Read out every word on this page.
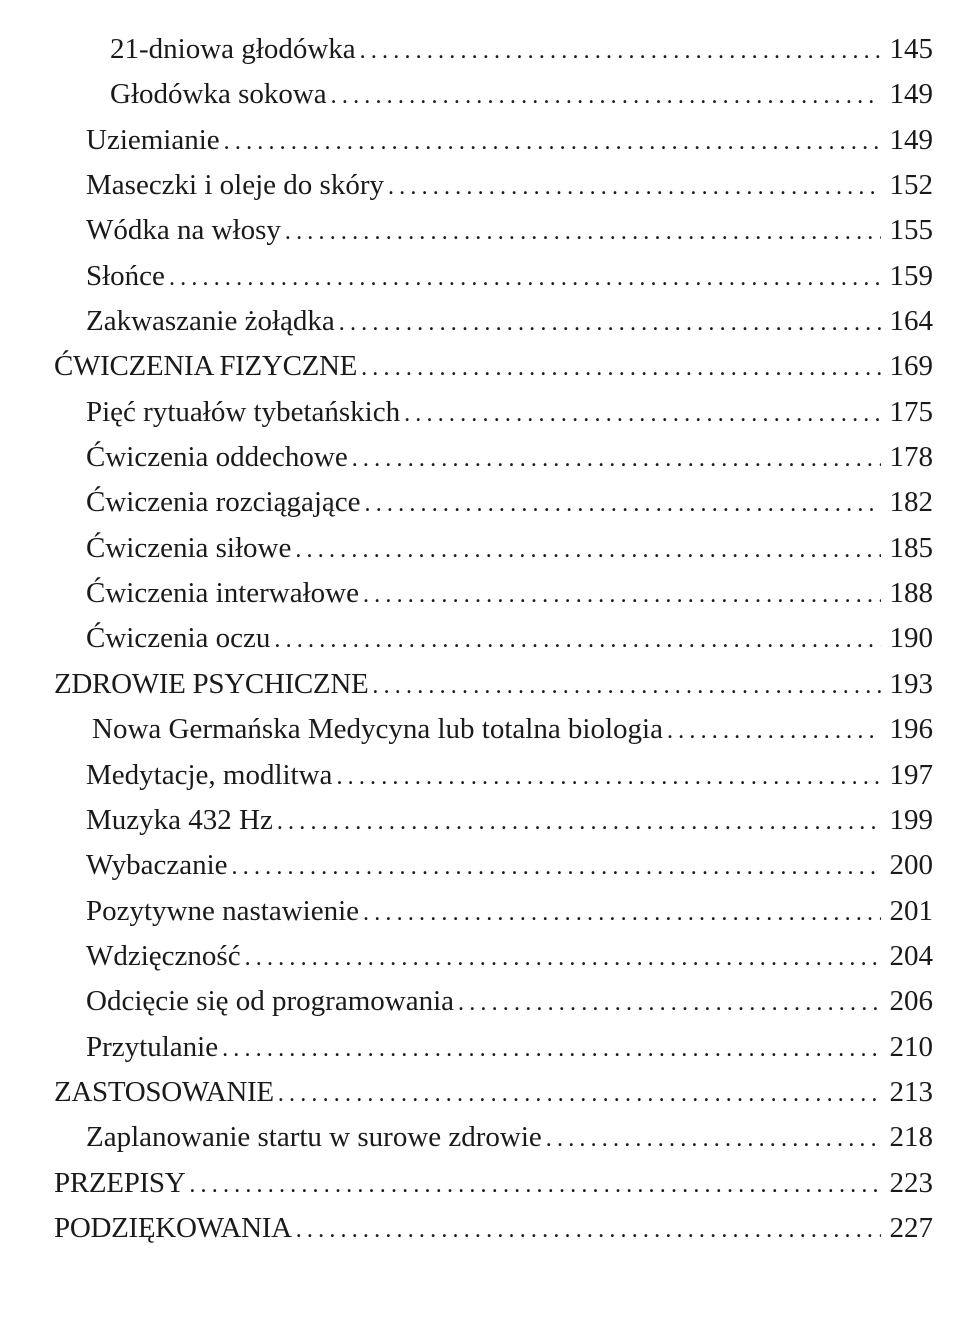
21-dniowa głodówka .....	145
Głodówka sokowa .....	149
Uziemianie .....	149
Maseczki i oleje do skóry .....	152
Wódka na włosy .....	155
Słońce .....	159
Zakwaszanie żołądka .....	164
ĆWICZENIA FIZYCZNE .....	169
Pięć rytuałów tybetańskich .....	175
Ćwiczenia oddechowe .....	178
Ćwiczenia rozciągające .....	182
Ćwiczenia siłowe .....	185
Ćwiczenia interwałowe .....	188
Ćwiczenia oczu .....	190
ZDROWIE PSYCHICZNE .....	193
Nowa Germańska Medycyna lub totalna biologia .....	196
Medytacje, modlitwa .....	197
Muzyka 432 Hz .....	199
Wybaczanie .....	200
Pozytywne nastawienie .....	201
Wdzięczność .....	204
Odcięcie się od programowania .....	206
Przytulanie .....	210
ZASTOSOWANIE .....	213
Zaplanowanie startu w surowe zdrowie .....	218
PRZEPISY .....	223
PODZIĘKOWANIA .....	227
